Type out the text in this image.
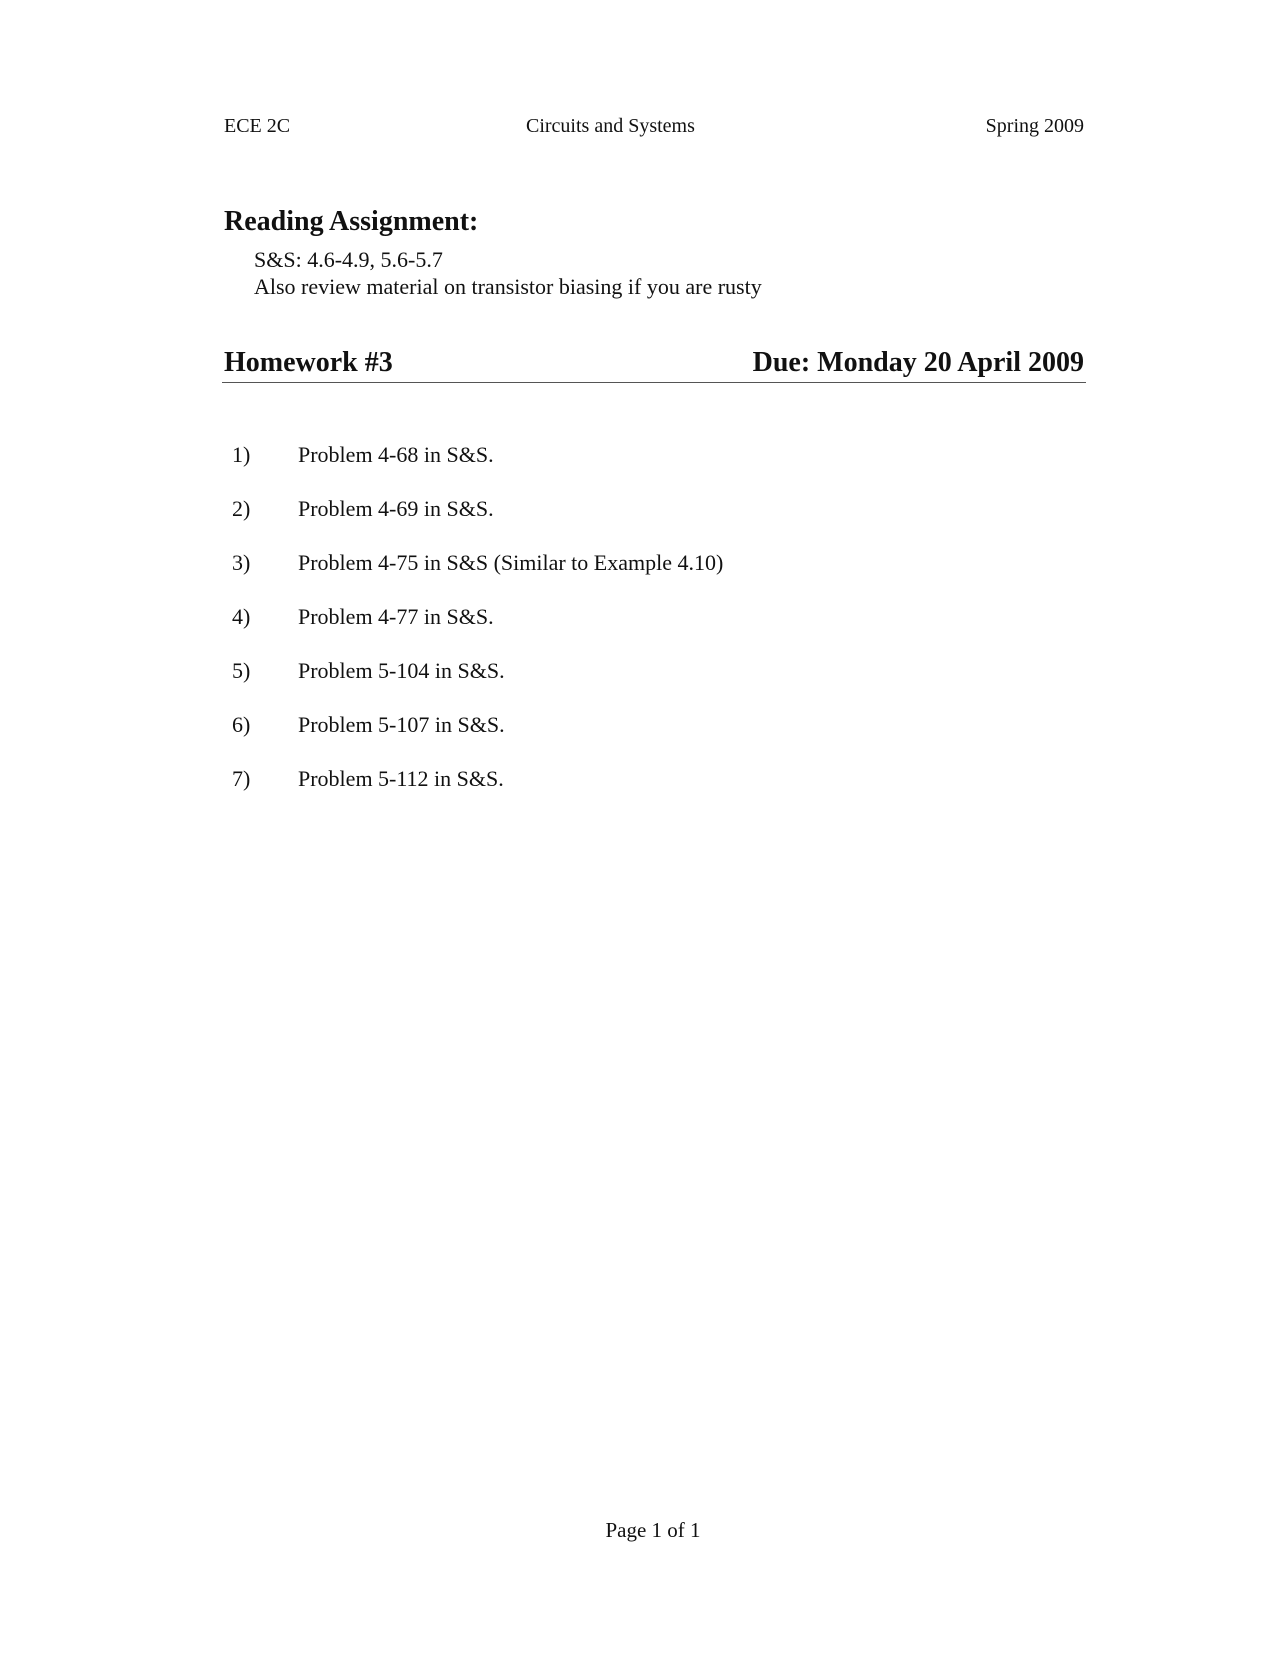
ECE 2C	Circuits and Systems	Spring 2009
Reading Assignment:
S&S: 4.6-4.9, 5.6-5.7
Also review material on transistor biasing if you are rusty
Homework #3	Due: Monday 20 April 2009
1) Problem 4-68 in S&S.
2) Problem 4-69 in S&S.
3) Problem 4-75 in S&S (Similar to Example 4.10)
4) Problem 4-77 in S&S.
5) Problem 5-104 in S&S.
6) Problem 5-107 in S&S.
7) Problem 5-112 in S&S.
Page 1 of 1
